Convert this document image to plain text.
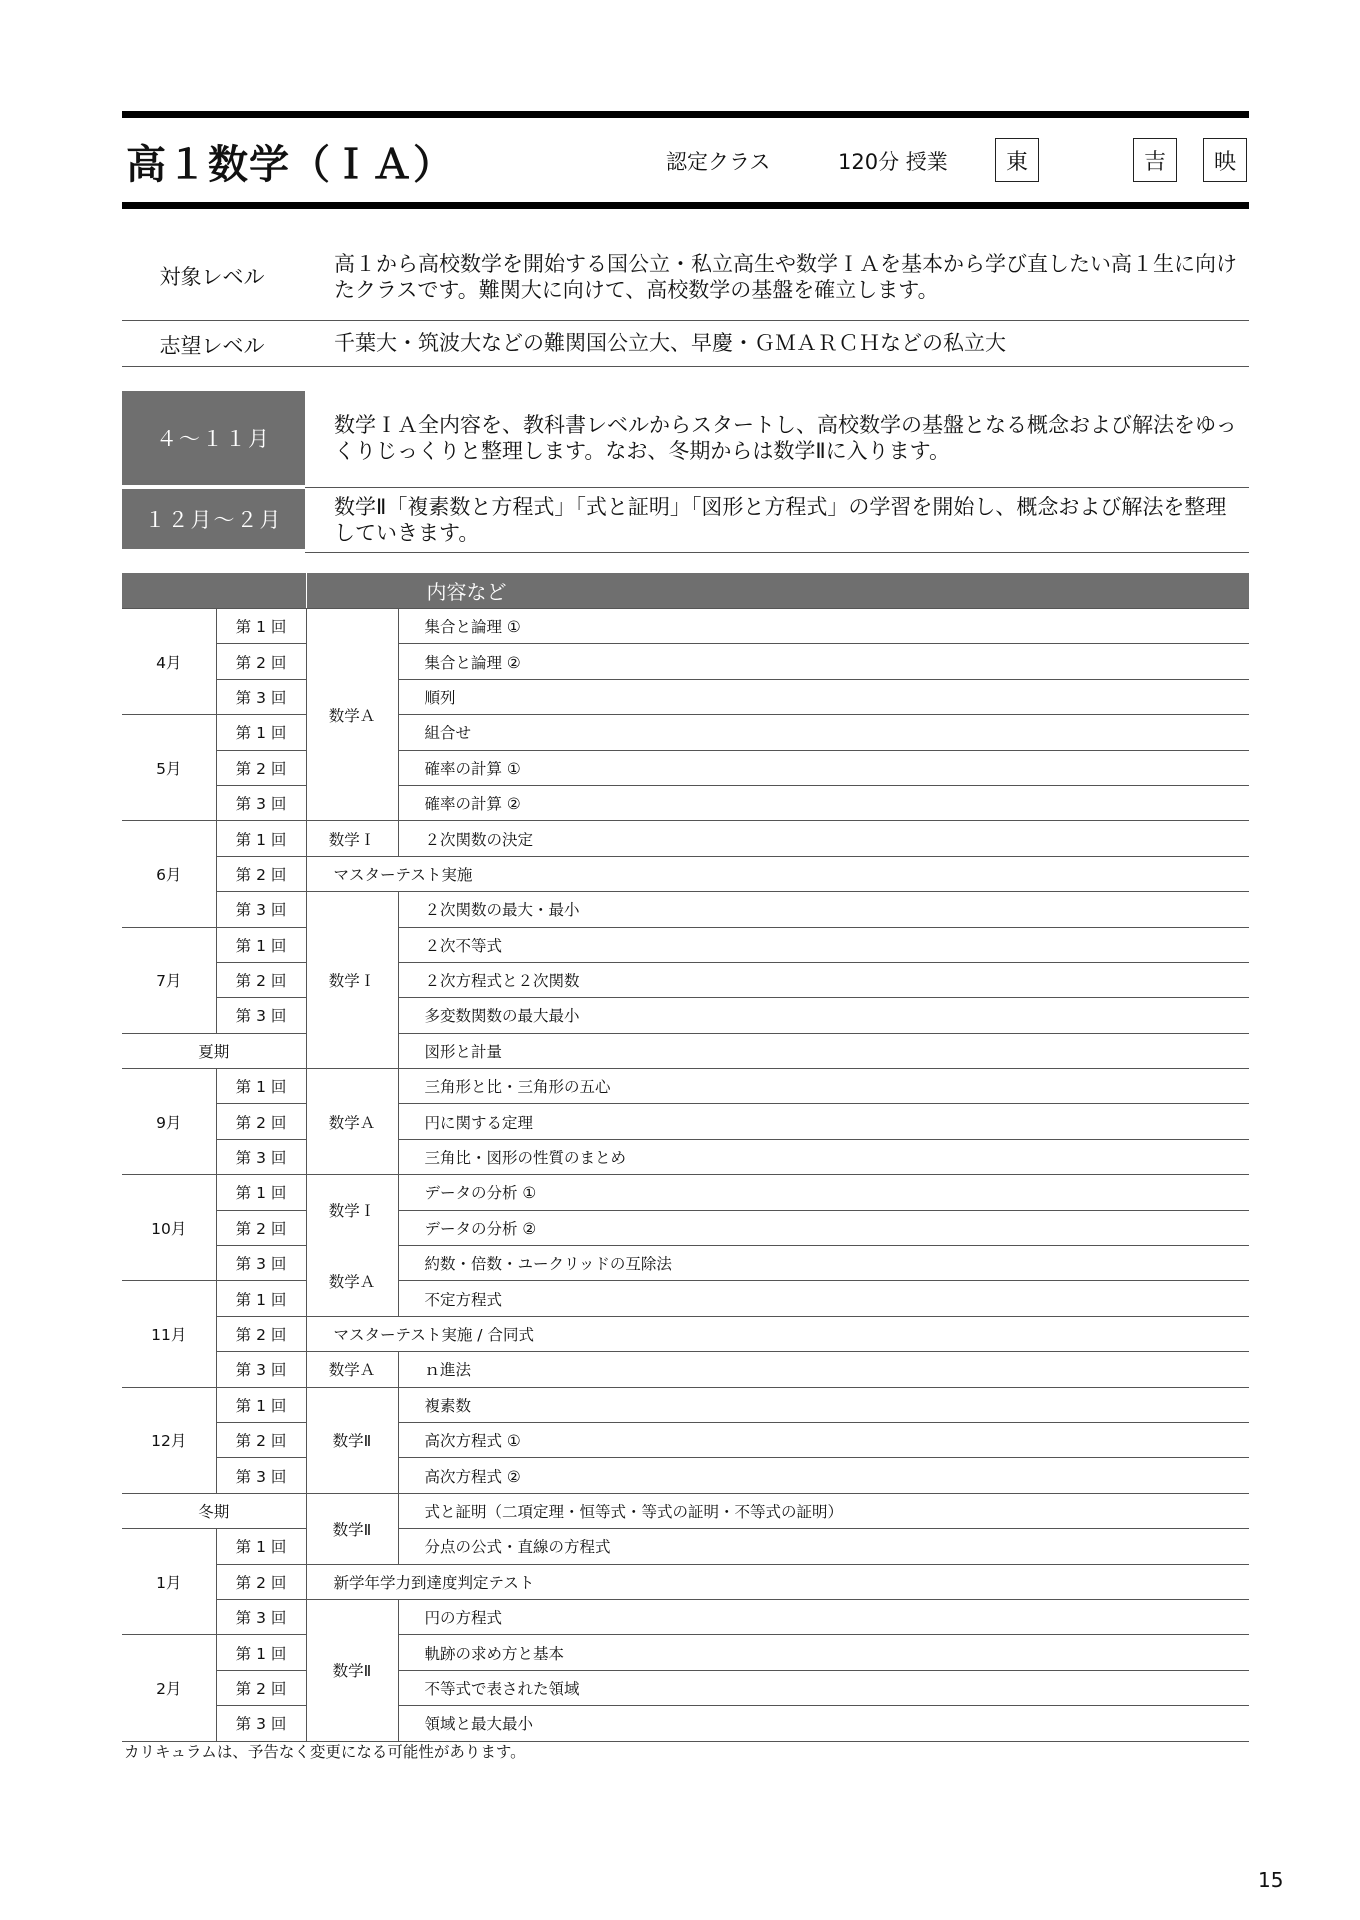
高１数学（ＩＡ）	認定クラス	120分 授業	東	吉	映
対象レベル
高１から高校数学を開始する国公立・私立高生や数学ＩＡを基本から学び直したい高１生に向けたクラスです。難関大に向けて、高校数学の基盤を確立します。
志望レベル	千葉大・筑波大などの難関国公立大、早慶・ＧＭＡＲＣＨなどの私立大
４～１１月
数学ＩＡ全内容を、教科書レベルからスタートし、高校数学の基盤となる概念および解法をゆっくりじっくりと整理します。なお、冬期からは数学Ⅱに入ります。
１２月～２月
数学Ⅱ「複素数と方程式」「式と証明」「図形と方程式」の学習を開始し、概念および解法を整理していきます。
		内容など	
4月	第 1 回	数学Ａ	集合と論理 ①
	第 2 回		集合と論理 ②
	第 3 回		順列
5月	第 1 回		組合せ
	第 2 回		確率の計算 ①
	第 3 回		確率の計算 ②
6月	第 1 回	数学Ｉ	２次関数の決定
	第 2 回	マスターテスト実施	
	第 3 回	数学Ｉ	２次関数の最大・最小
7月	第 1 回		２次不等式
	第 2 回		２次方程式と２次関数
	第 3 回		多変数関数の最大最小
夏期			図形と計量
9月	第 1 回	数学Ａ	三角形と比・三角形の五心
	第 2 回		円に関する定理
	第 3 回		三角比・図形の性質のまとめ
10月	第 1 回	数学Ｉ	データの分析 ①
	第 2 回		データの分析 ②
	第 3 回	数学Ａ	約数・倍数・ユークリッドの互除法
11月	第 1 回		不定方程式
	第 2 回	マスターテスト実施 / 合同式	
	第 3 回	数学Ａ	ｎ進法
12月	第 1 回	数学Ⅱ	複素数
	第 2 回		高次方程式 ①
	第 3 回		高次方程式 ②
冬期		数学Ⅱ	式と証明（二項定理・恒等式・等式の証明・不等式の証明）
1月	第 1 回		分点の公式・直線の方程式
	第 2 回	新学年学力到達度判定テスト	
	第 3 回	数学Ⅱ	円の方程式
2月	第 1 回		軌跡の求め方と基本
	第 2 回		不等式で表された領域
	第 3 回		領域と最大最小
カリキュラムは、予告なく変更になる可能性があります。
15
